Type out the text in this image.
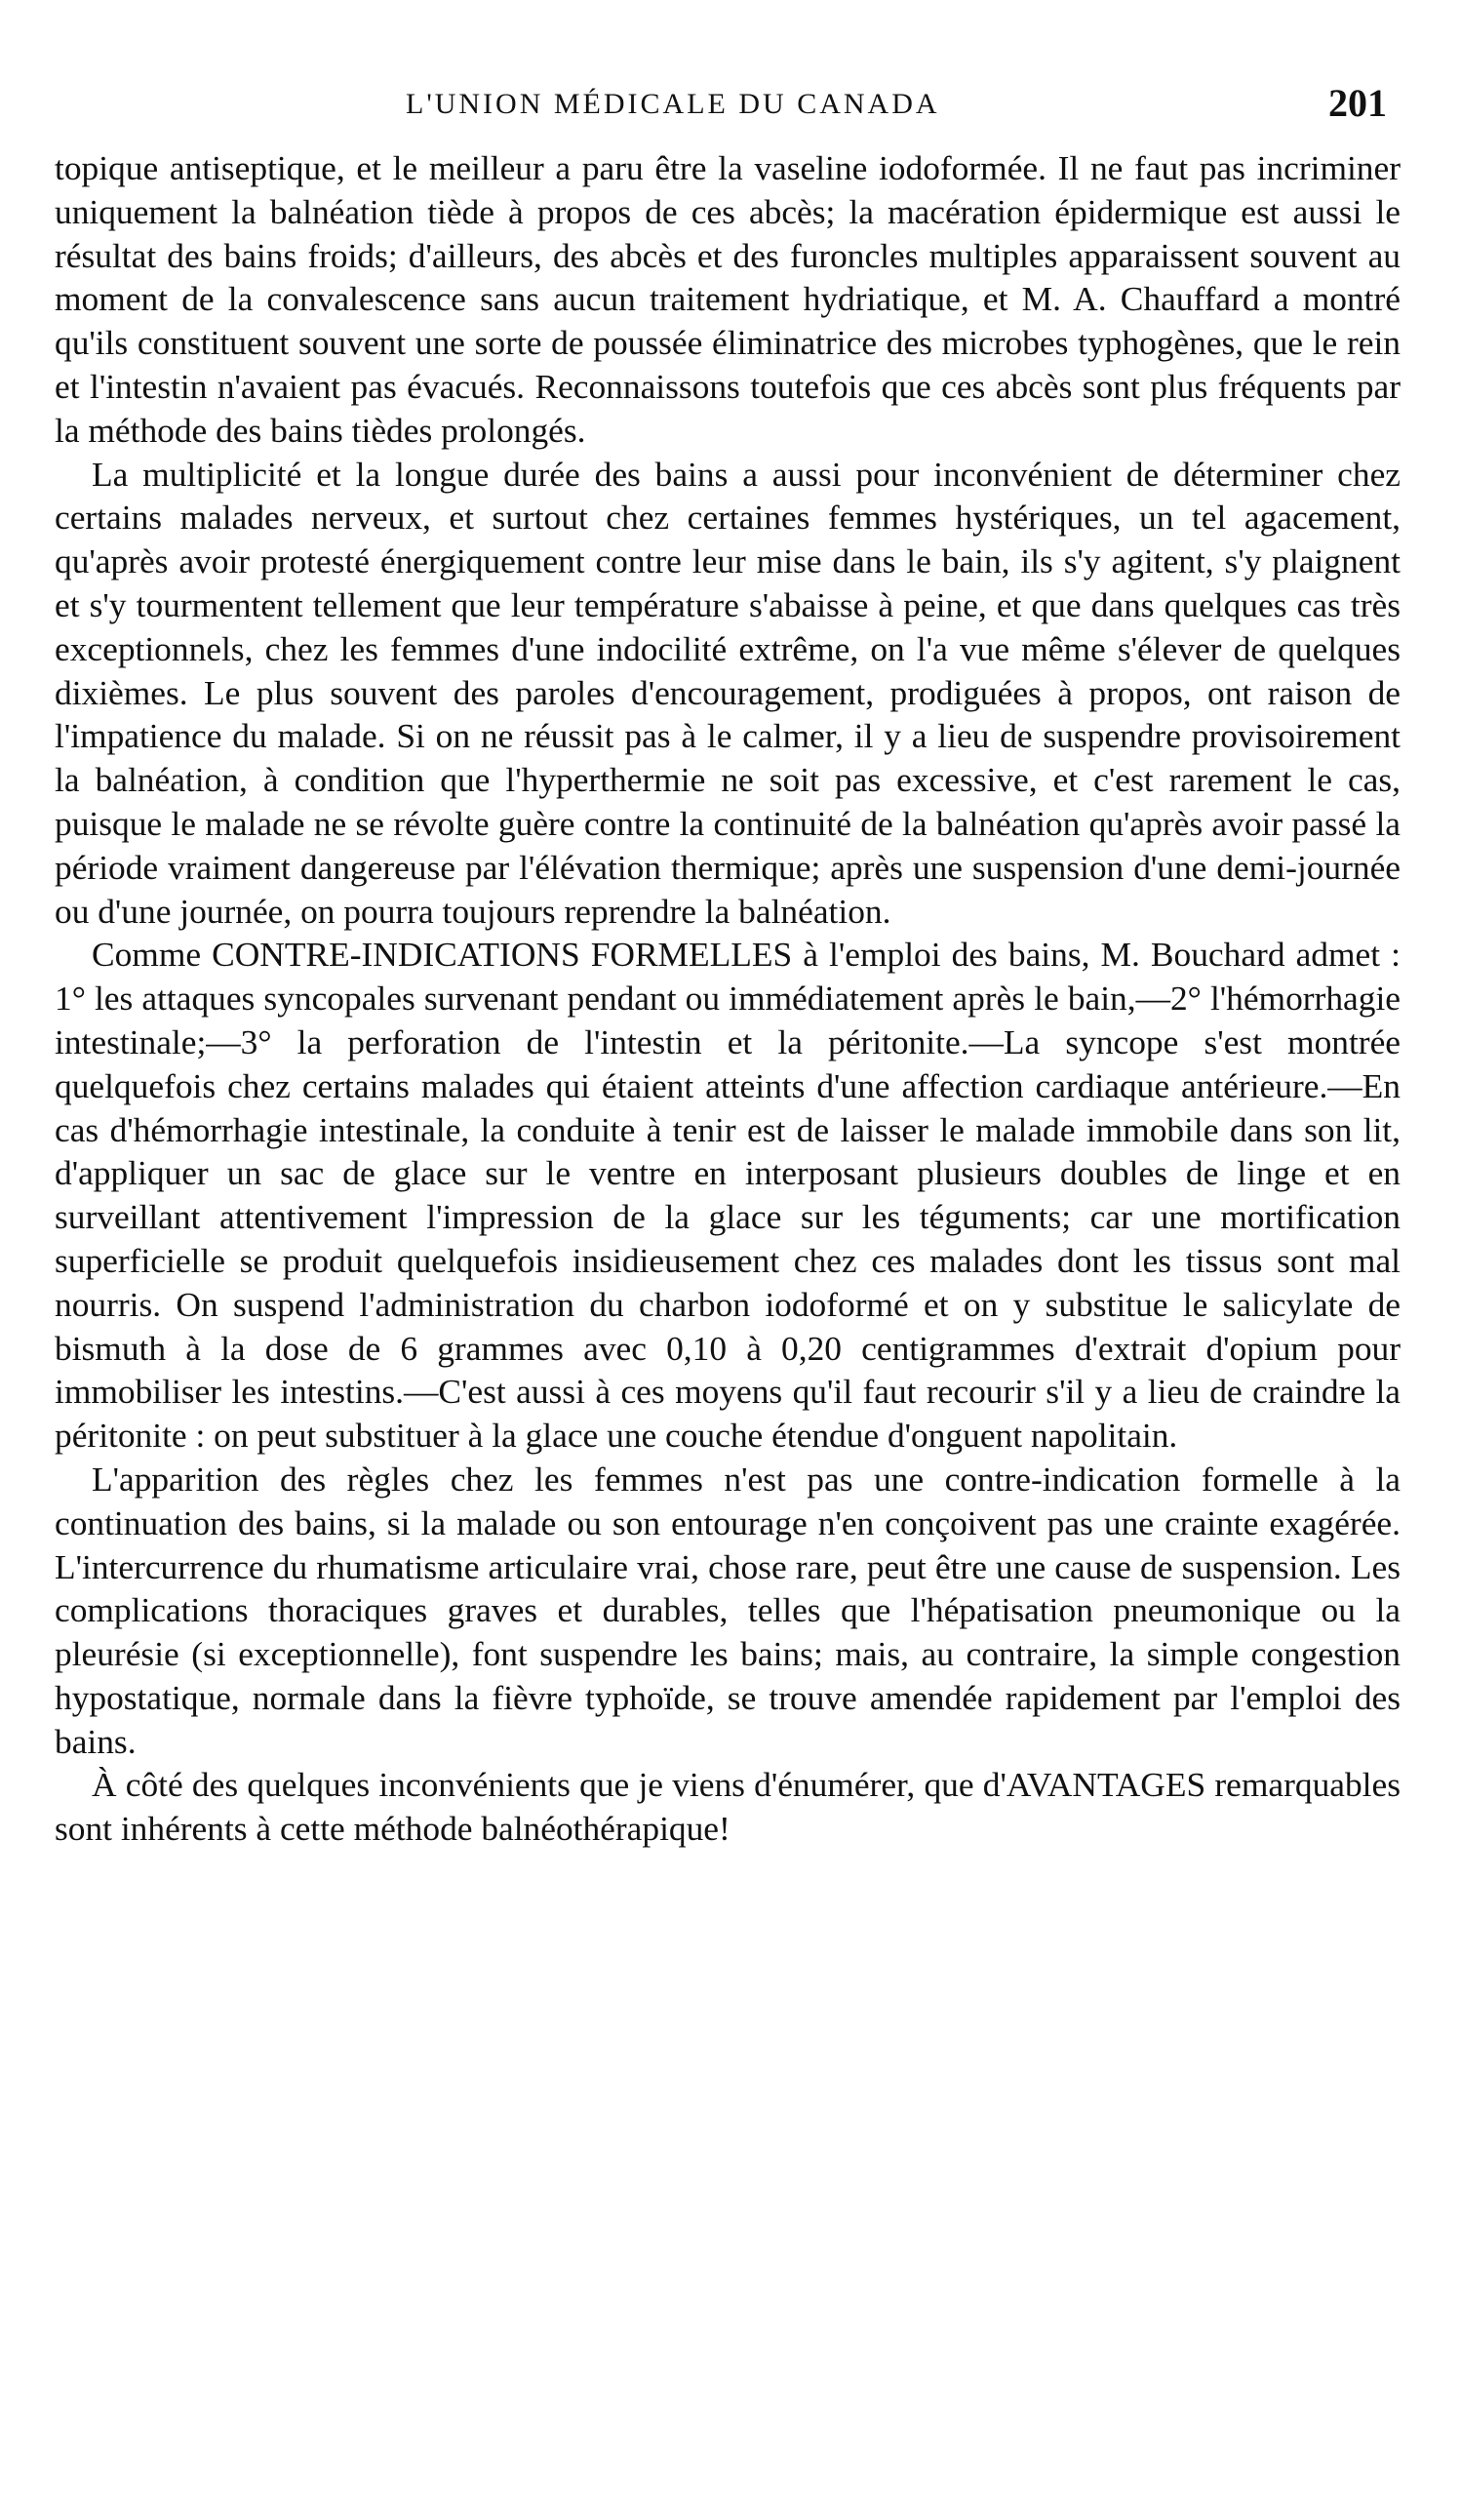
L'UNION MÉDICALE DU CANADA	201

topique antiseptique, et le meilleur a paru être la vaseline iodoformée. Il ne faut pas incriminer uniquement la balnéation tiède à propos de ces abcès; la macération épidermique est aussi le résultat des bains froids; d'ailleurs, des abcès et des furoncles multiples apparaissent souvent au moment de la convalescence sans aucun traitement hydriatique, et M. A. Chauffard a montré qu'ils constituent souvent une sorte de poussée éliminatrice des microbes typhogènes, que le rein et l'intestin n'avaient pas évacués. Reconnaissons toutefois que ces abcès sont plus fréquents par la méthode des bains tièdes prolongés.

La multiplicité et la longue durée des bains a aussi pour inconvénient de déterminer chez certains malades nerveux, et surtout chez certaines femmes hystériques, un tel agacement, qu'après avoir protesté énergiquement contre leur mise dans le bain, ils s'y agitent, s'y plaignent et s'y tourmentent tellement que leur température s'abaisse à peine, et que dans quelques cas très exceptionnels, chez les femmes d'une indocilité extrême, on l'a vue même s'élever de quelques dixièmes. Le plus souvent des paroles d'encouragement, prodiguées à propos, ont raison de l'impatience du malade. Si on ne réussit pas à le calmer, il y a lieu de suspendre provisoirement la balnéation, à condition que l'hyperthermie ne soit pas excessive, et c'est rarement le cas, puisque le malade ne se révolte guère contre la continuité de la balnéation qu'après avoir passé la période vraiment dangereuse par l'élévation thermique; après une suspension d'une demi-journée ou d'une journée, on pourra toujours reprendre la balnéation.

Comme CONTRE-INDICATIONS FORMELLES à l'emploi des bains, M. Bouchard admet : 1° les attaques syncopales survenant pendant ou immédiatement après le bain,—2° l'hémorrhagie intestinale;—3° la perforation de l'intestin et la péritonite.—La syncope s'est montrée quelquefois chez certains malades qui étaient atteints d'une affection cardiaque antérieure.—En cas d'hémorrhagie intestinale, la conduite à tenir est de laisser le malade immobile dans son lit, d'appliquer un sac de glace sur le ventre en interposant plusieurs doubles de linge et en surveillant attentivement l'impression de la glace sur les téguments; car une mortification superficielle se produit quelquefois insidieusement chez ces malades dont les tissus sont mal nourris. On suspend l'administration du charbon iodoformé et on y substitue le salicylate de bismuth à la dose de 6 grammes avec 0,10 à 0,20 centigrammes d'extrait d'opium pour immobiliser les intestins.—C'est aussi à ces moyens qu'il faut recourir s'il y a lieu de craindre la péritonite : on peut substituer à la glace une couche étendue d'onguent napolitain.

L'apparition des règles chez les femmes n'est pas une contre-indication formelle à la continuation des bains, si la malade ou son entourage n'en conçoivent pas une crainte exagérée. L'intercurrence du rhumatisme articulaire vrai, chose rare, peut être une cause de suspension. Les complications thoraciques graves et durables, telles que l'hépatisation pneumonique ou la pleurésie (si exceptionnelle), font suspendre les bains; mais, au contraire, la simple congestion hypostatique, normale dans la fièvre typhoïde, se trouve amendée rapidement par l'emploi des bains.

À côté des quelques inconvénients que je viens d'énumérer, que d'AVANTAGES remarquables sont inhérents à cette méthode balnéothérapique!
